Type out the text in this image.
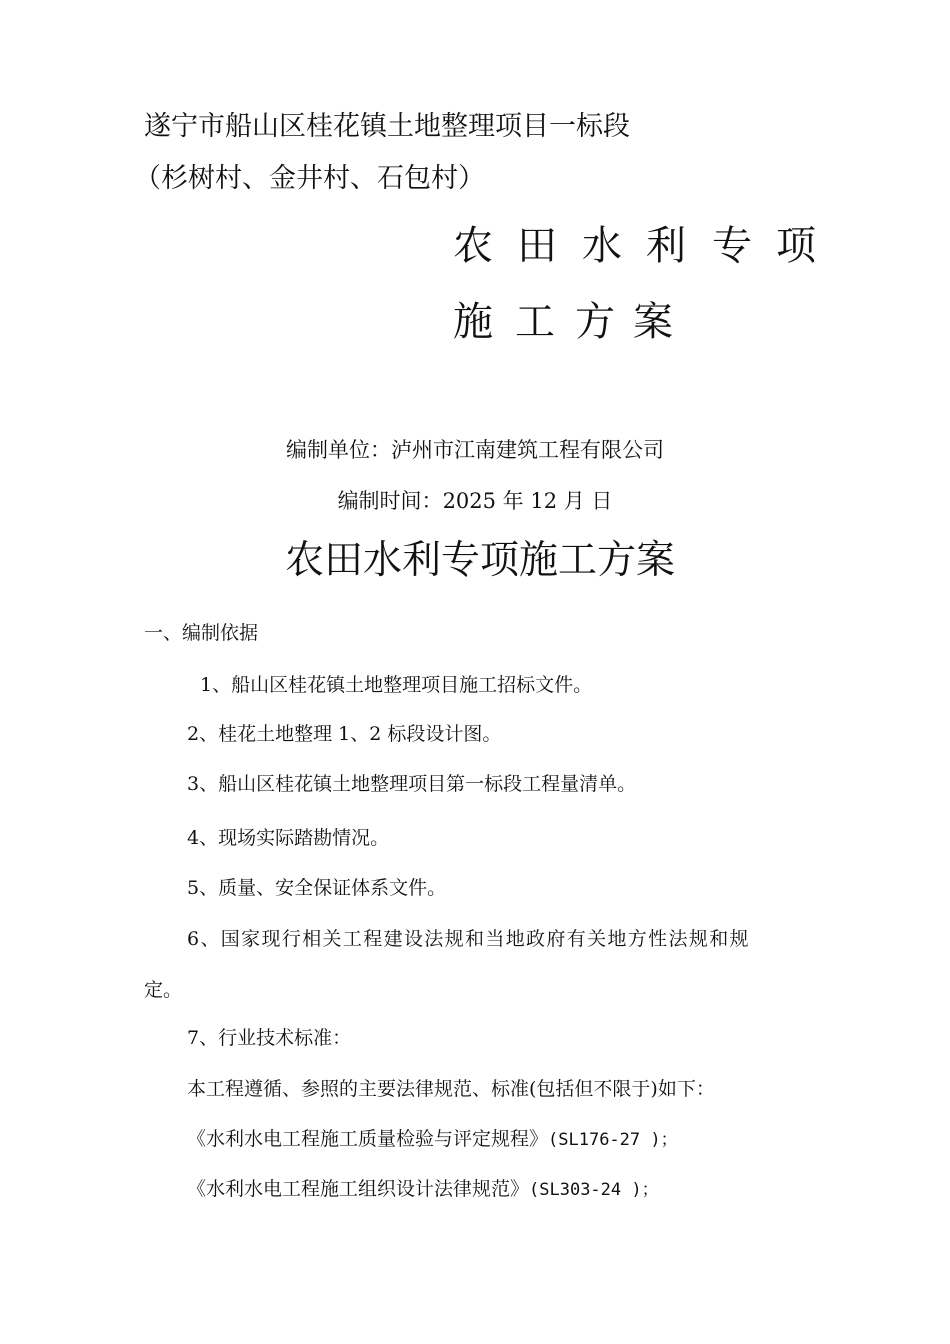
遂宁市船山区桂花镇土地整理项目一标段
（杉树村、金井村、石包村）
农 田 水 利 专 项
施 工 方 案
编制单位：泸州市江南建筑工程有限公司
编制时间：2025 年 12 月 日
农田水利专项施工方案
一、编制依据
1、船山区桂花镇土地整理项目施工招标文件。
2、桂花土地整理 1、2 标段设计图。
3、船山区桂花镇土地整理项目第一标段工程量清单。
4、现场实际踏勘情况。
5、质量、安全保证体系文件。
6、国家现行相关工程建设法规和当地政府有关地方性法规和规
定。
7、行业技术标准：
本工程遵循、参照的主要法律规范、标准(包括但不限于)如下：
《水利水电工程施工质量检验与评定规程》(SL176-27 )；
《水利水电工程施工组织设计法律规范》(SL303-24 )；
